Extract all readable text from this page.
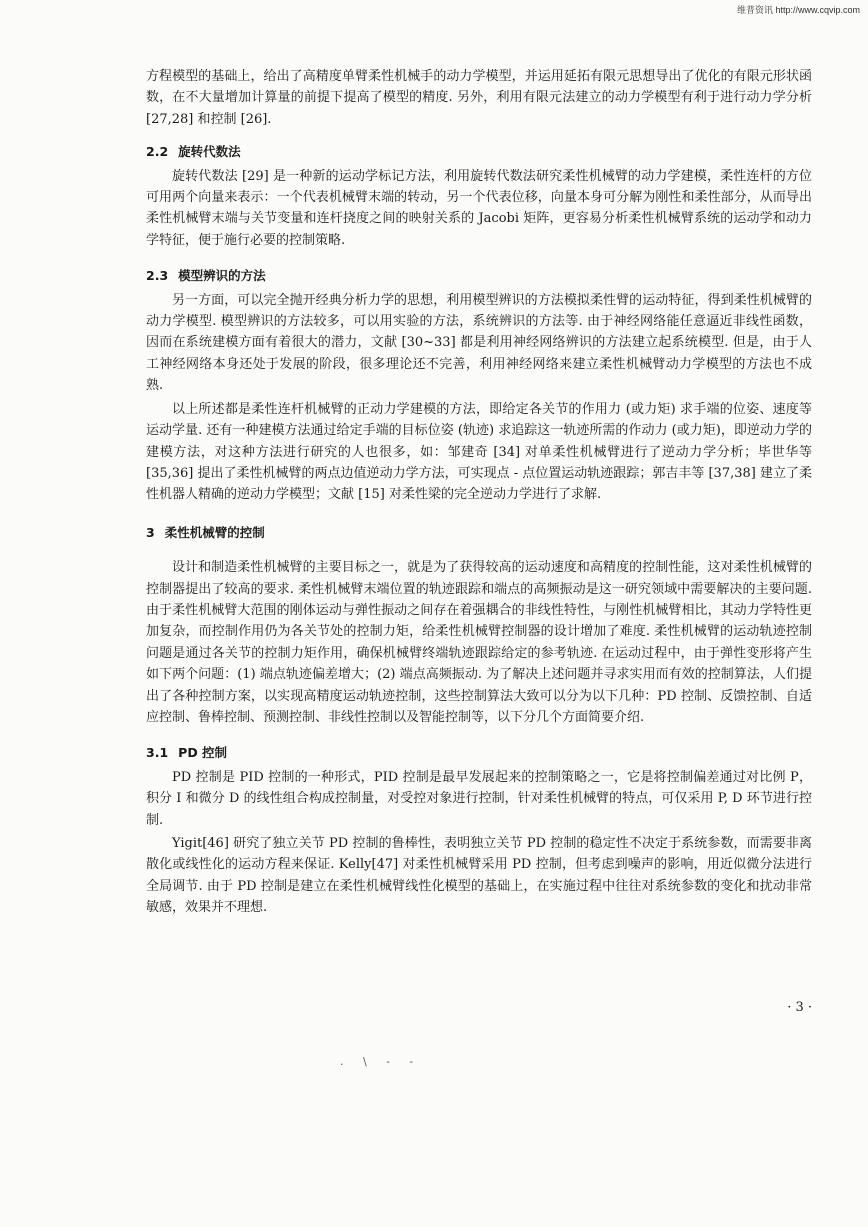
维普资讯 http://www.cqvip.com

方程模型的基础上，给出了高精度单臂柔性机械手的动力学模型，并运用延拓有限元思想导出了优化的有限元形状函数，在不大量增加计算量的前提下提高了模型的精度. 另外，利用有限元法建立的动力学模型有利于进行动力学分析 [27,28] 和控制 [26].

2.2 旋转代数法

旋转代数法 [29] 是一种新的运动学标记方法，利用旋转代数法研究柔性机械臂的动力学建模，柔性连杆的方位可用两个向量来表示：一个代表机械臂末端的转动，另一个代表位移，向量本身可分解为刚性和柔性部分，从而导出柔性机械臂末端与关节变量和连杆挠度之间的映射关系的 Jacobi 矩阵，更容易分析柔性机械臂系统的运动学和动力学特征，便于施行必要的控制策略.

2.3 模型辨识的方法

另一方面，可以完全抛开经典分析力学的思想，利用模型辨识的方法模拟柔性臂的运动特征，得到柔性机械臂的动力学模型. 模型辨识的方法较多，可以用实验的方法，系统辨识的方法等. 由于神经网络能任意逼近非线性函数，因而在系统建模方面有着很大的潜力，文献 [30~33] 都是利用神经网络辨识的方法建立起系统模型. 但是，由于人工神经网络本身还处于发展的阶段，很多理论还不完善，利用神经网络来建立柔性机械臂动力学模型的方法也不成熟.

以上所述都是柔性连杆机械臂的正动力学建模的方法，即给定各关节的作用力 (或力矩) 求手端的位姿、速度等运动学量. 还有一种建模方法通过给定手端的目标位姿 (轨迹) 求追踪这一轨迹所需的作动力 (或力矩)，即逆动力学的建模方法，对这种方法进行研究的人也很多，如：邹建奇 [34] 对单柔性机械臂进行了逆动力学分析；毕世华等 [35,36] 提出了柔性机械臂的两点边值逆动力学方法，可实现点 - 点位置运动轨迹跟踪；郭吉丰等 [37,38] 建立了柔性机器人精确的逆动力学模型；文献 [15] 对柔性梁的完全逆动力学进行了求解.

3 柔性机械臂的控制

设计和制造柔性机械臂的主要目标之一，就是为了获得较高的运动速度和高精度的控制性能，这对柔性机械臂的控制器提出了较高的要求. 柔性机械臂末端位置的轨迹跟踪和端点的高频振动是这一研究领域中需要解决的主要问题. 由于柔性机械臂大范围的刚体运动与弹性振动之间存在着强耦合的非线性特性，与刚性机械臂相比，其动力学特性更加复杂，而控制作用仍为各关节处的控制力矩，给柔性机械臂控制器的设计增加了难度. 柔性机械臂的运动轨迹控制问题是通过各关节的控制力矩作用，确保机械臂终端轨迹跟踪给定的参考轨迹. 在运动过程中，由于弹性变形将产生如下两个问题：(1) 端点轨迹偏差增大；(2) 端点高频振动. 为了解决上述问题并寻求实用而有效的控制算法，人们提出了各种控制方案，以实现高精度运动轨迹控制，这些控制算法大致可以分为以下几种：PD 控制、反馈控制、自适应控制、鲁棒控制、预测控制、非线性控制以及智能控制等，以下分几个方面简要介绍.

3.1 PD 控制

PD 控制是 PID 控制的一种形式，PID 控制是最早发展起来的控制策略之一，它是将控制偏差通过对比例 P，积分 I 和微分 D 的线性组合构成控制量，对受控对象进行控制，针对柔性机械臂的特点，可仅采用 P, D 环节进行控制.

Yigit[46] 研究了独立关节 PD 控制的鲁棒性，表明独立关节 PD 控制的稳定性不决定于系统参数，而需要非离散化或线性化的运动方程来保证. Kelly[47] 对柔性机械臂采用 PD 控制，但考虑到噪声的影响，用近似微分法进行全局调节. 由于 PD 控制是建立在柔性机械臂线性化模型的基础上，在实施过程中往往对系统参数的变化和扰动非常敏感，效果并不理想.

· 3 ·
. \ - -
